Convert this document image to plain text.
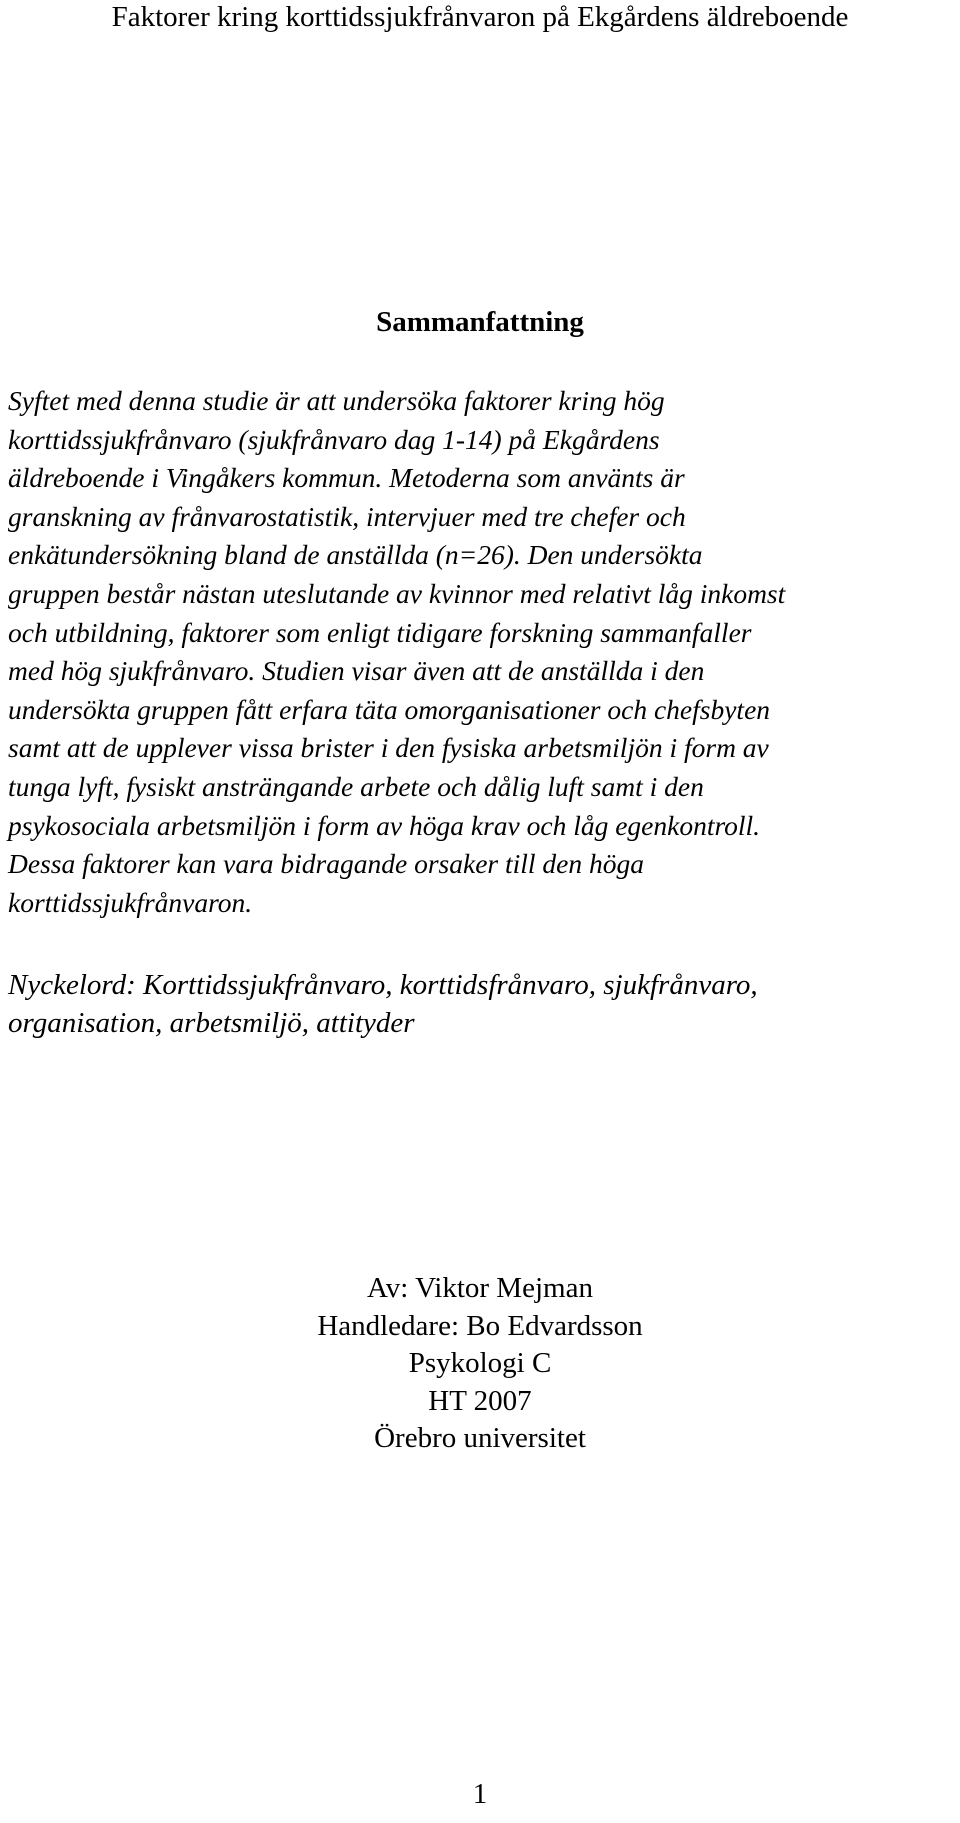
Faktorer kring korttidssjukfrånvaron på Ekgårdens äldreboende

Sammanfattning
Syftet med denna studie är att undersöka faktorer kring hög
korttidssjukfrånvaro (sjukfrånvaro dag 1-14) på Ekgårdens
äldreboende i Vingåkers kommun. Metoderna som använts är
granskning av frånvarostatistik, intervjuer med tre chefer och
enkätundersökning bland de anställda (n=26). Den undersökta
gruppen består nästan uteslutande av kvinnor med relativt låg inkomst
och utbildning, faktorer som enligt tidigare forskning sammanfaller
med hög sjukfrånvaro. Studien visar även att de anställda i den
undersökta gruppen fått erfara täta omorganisationer och chefsbyten
samt att de upplever vissa brister i den fysiska arbetsmiljön i form av
tunga lyft, fysiskt ansträngande arbete och dålig luft samt i den
psykosociala arbetsmiljön i form av höga krav och låg egenkontroll.
Dessa faktorer kan vara bidragande orsaker till den höga
korttidssjukfrånvaron.
Nyckelord: Korttidssjukfrånvaro, korttidsfrånvaro, sjukfrånvaro,
organisation, arbetsmiljö, attityder
Av: Viktor Mejman
Handledare: Bo Edvardsson
Psykologi C
HT 2007
Örebro universitet

1
